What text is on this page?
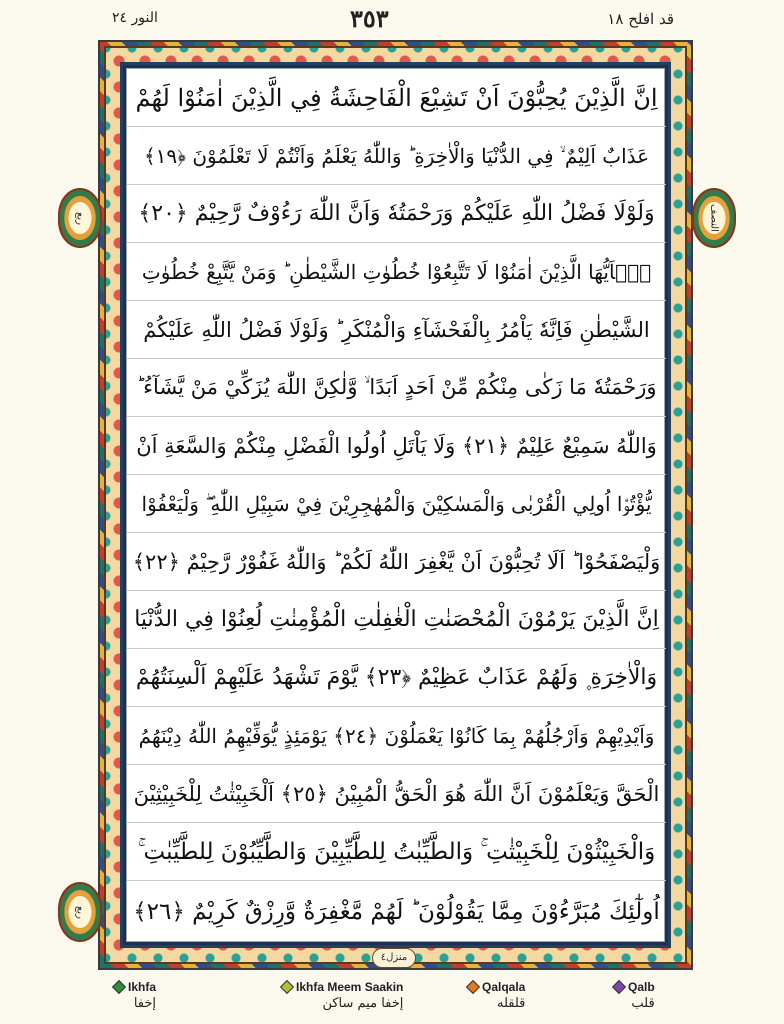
النور ٢٤	٣٥٣	قد افلح ١٨
اِنَّ الَّذِيْنَ يُحِبُّوْنَ اَنْ تَشِيْعَ الْفَاحِشَةُ فِي الَّذِيْنَ اٰمَنُوْا لَهُمْ
عَذَابٌ اَلِيْمٌ ۙ فِي الدُّنْيَا وَالْاٰخِرَةِ ؕ وَاللّٰهُ يَعْلَمُ وَاَنْتُمْ لَا تَعْلَمُوْنَ ﴿١٩﴾
وَلَوْلَا فَضْلُ اللّٰهِ عَلَيْكُمْ وَرَحْمَتُهٗ وَاَنَّ اللّٰهَ رَءُوْفٌ رَّحِيْمٌ ﴿٢٠﴾
يٰۤاَيُّهَا الَّذِيْنَ اٰمَنُوْا لَا تَتَّبِعُوْا خُطُوٰتِ الشَّيْطٰنِ ؕ وَمَنْ يَّتَّبِعْ خُطُوٰتِ
الشَّيْطٰنِ فَاِنَّهٗ يَاْمُرُ بِالْفَحْشَآءِ وَالْمُنْكَرِ ؕ وَلَوْلَا فَضْلُ اللّٰهِ عَلَيْكُمْ
وَرَحْمَتُهٗ مَا زَكٰى مِنْكُمْ مِّنْ اَحَدٍ اَبَدًا ۙ وَّلٰكِنَّ اللّٰهَ يُزَكِّيْ مَنْ يَّشَآءُ ؕ
وَاللّٰهُ سَمِيْعٌ عَلِيْمٌ ﴿٢١﴾ وَلَا يَاْتَلِ اُولُوا الْفَضْلِ مِنْكُمْ وَالسَّعَةِ اَنْ
يُّؤْتُوْۤا اُولِي الْقُرْبٰى وَالْمَسٰكِيْنَ وَالْمُهٰجِرِيْنَ فِيْ سَبِيْلِ اللّٰهِ ۖ وَلْيَعْفُوْا
وَلْيَصْفَحُوْا ؕ اَلَا تُحِبُّوْنَ اَنْ يَّغْفِرَ اللّٰهُ لَكُمْ ؕ وَاللّٰهُ غَفُوْرٌ رَّحِيْمٌ ﴿٢٢﴾
اِنَّ الَّذِيْنَ يَرْمُوْنَ الْمُحْصَنٰتِ الْغٰفِلٰتِ الْمُؤْمِنٰتِ لُعِنُوْا فِي الدُّنْيَا
وَالْاٰخِرَةِ ۪ وَلَهُمْ عَذَابٌ عَظِيْمٌ ﴿٢٣﴾ يَّوْمَ تَشْهَدُ عَلَيْهِمْ اَلْسِنَتُهُمْ
وَاَيْدِيْهِمْ وَاَرْجُلُهُمْ بِمَا كَانُوْا يَعْمَلُوْنَ ﴿٢٤﴾ يَوْمَئِذٍ يُّوَفِّيْهِمُ اللّٰهُ دِيْنَهُمُ
الْحَقَّ وَيَعْلَمُوْنَ اَنَّ اللّٰهَ هُوَ الْحَقُّ الْمُبِيْنُ ﴿٢٥﴾ اَلْخَبِيْثٰتُ لِلْخَبِيْثِيْنَ
وَالْخَبِيْثُوْنَ لِلْخَبِيْثٰتِ ۚ وَالطَّيِّبٰتُ لِلطَّيِّبِيْنَ وَالطَّيِّبُوْنَ لِلطَّيِّبٰتِ ۚ
اُولٰٓئِكَ مُبَرَّءُوْنَ مِمَّا يَقُوْلُوْنَ ؕ لَهُمْ مَّغْفِرَةٌ وَّرِزْقٌ كَرِيْمٌ ﴿٢٦﴾
ربع	النصف
ربع
منزل٤
Ikhfa
إخفا
Ikhfa Meem Saakin
إخفا ميم ساكن
Qalqala
قلقله
Qalb
قلب
